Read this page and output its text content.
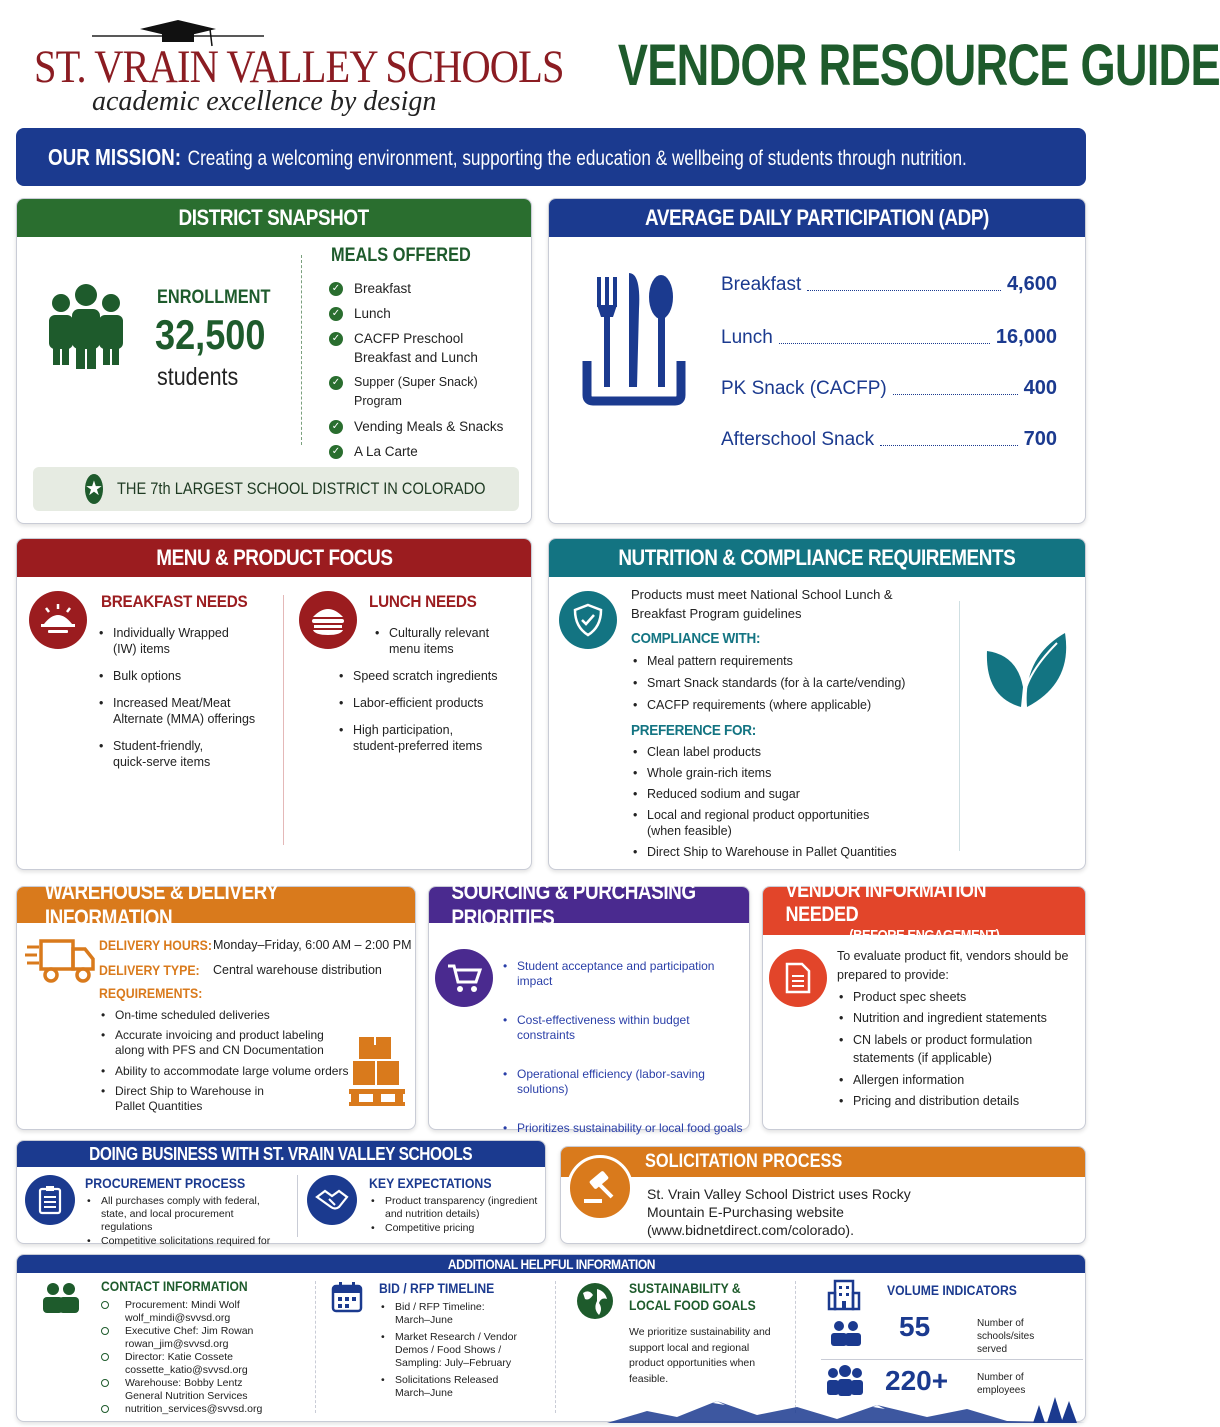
ST. VRAIN VALLEY SCHOOLS
academic excellence by design
VENDOR RESOURCE GUIDE
OUR MISSION: Creating a welcoming environment, supporting the education & wellbeing of students through nutrition.
DISTRICT SNAPSHOT
ENROLLMENT
32,500
students
MEALS OFFERED
✓ Breakfast
✓ Lunch
✓ CACFP Preschool Breakfast and Lunch
✓ Supper (Super Snack) Program
✓ Vending Meals & Snacks
✓ A La Carte
★ THE 7th LARGEST SCHOOL DISTRICT IN COLORADO
AVERAGE DAILY PARTICIPATION (ADP)
Breakfast	4,600
Lunch	16,000
PK Snack (CACFP)	400
Afterschool Snack	700
MENU & PRODUCT FOCUS
BREAKFAST NEEDS
• Individually Wrapped (IW) items
• Bulk options
• Increased Meat/Meat Alternate (MMA) offerings
• Student-friendly, quick-serve items
LUNCH NEEDS
• Culturally relevant menu items
• Speed scratch ingredients
• Labor-efficient products
• High participation, student-preferred items
NUTRITION & COMPLIANCE REQUIREMENTS
Products must meet National School Lunch & Breakfast Program guidelines
COMPLIANCE WITH:
• Meal pattern requirements
• Smart Snack standards (for à la carte/vending)
• CACFP requirements (where applicable)
PREFERENCE FOR:
• Clean label products
• Whole grain-rich items
• Reduced sodium and sugar
• Local and regional product opportunities (when feasible)
• Direct Ship to Warehouse in Pallet Quantities
WAREHOUSE & DELIVERY INFORMATION
DELIVERY HOURS: Monday–Friday, 6:00 AM – 2:00 PM
DELIVERY TYPE: Central warehouse distribution
REQUIREMENTS:
• On-time scheduled deliveries
• Accurate invoicing and product labeling along with PFS and CN Documentation
• Ability to accommodate large volume orders
• Direct Ship to Warehouse in Pallet Quantities
SOURCING & PURCHASING PRIORITIES
• Student acceptance and participation impact
• Cost-effectiveness within budget constraints
• Operational efficiency (labor-saving solutions)
• Prioritizes sustainability or local food goals
VENDOR INFORMATION NEEDED
(BEFORE ENGAGEMENT)
To evaluate product fit, vendors should be prepared to provide:
• Product spec sheets
• Nutrition and ingredient statements
• CN labels or product formulation statements (if applicable)
• Allergen information
• Pricing and distribution details
DOING BUSINESS WITH ST. VRAIN VALLEY SCHOOLS
PROCUREMENT PROCESS
• All purchases comply with federal, state, and local procurement regulations
• Competitive solicitations required for
KEY EXPECTATIONS
• Product transparency (ingredient and nutrition details)
• Competitive pricing
SOLICITATION PROCESS
St. Vrain Valley School District uses Rocky Mountain E-Purchasing website (www.bidnetdirect.com/colorado).
ADDITIONAL HELPFUL INFORMATION
CONTACT INFORMATION
Procurement: Mindi Wolf
wolf_mindi@svvsd.org
Executive Chef: Jim Rowan
rowan_jim@svvsd.org
Director: Katie Cossete
cossette_katio@svvsd.org
Warehouse: Bobby Lentz
General Nutrition Services
nutrition_services@svvsd.org
BID / RFP TIMELINE
• Bid / RFP Timeline: March–June
• Market Research / Vendor Demos / Food Shows / Sampling: July–February
• Solicitations Released March–June
SUSTAINABILITY &
LOCAL FOOD GOALS
We prioritize sustainability and support local and regional product opportunities when feasible.
VOLUME INDICATORS
55	Number of schools/sites served
220+	Number of employees
